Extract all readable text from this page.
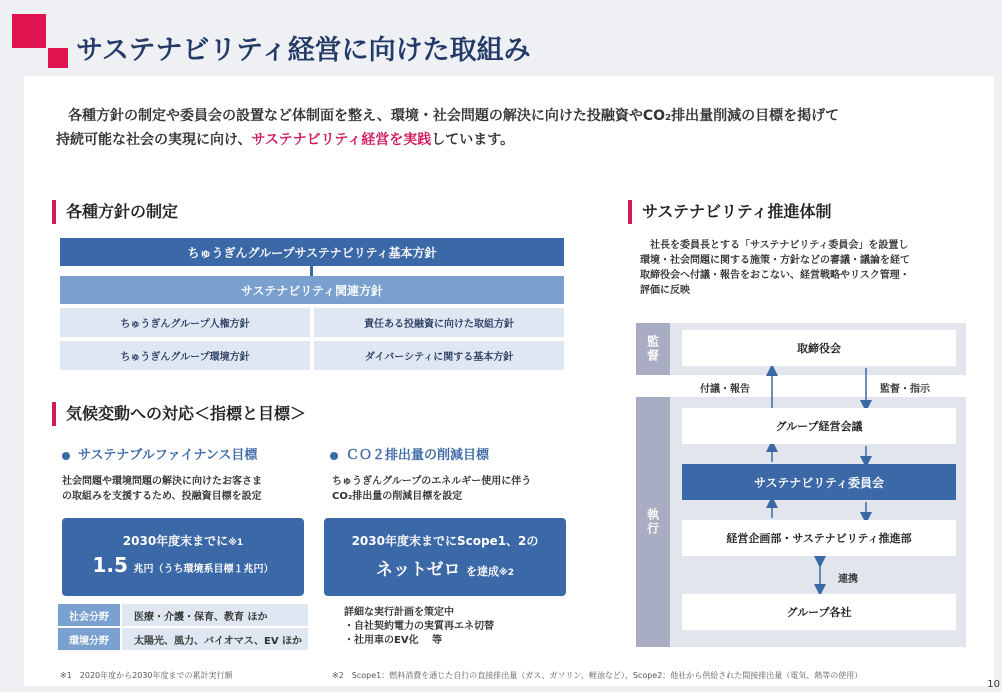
サステナビリティ経営に向けた取組み
各種方針の制定や委員会の設置など体制面を整え、環境・社会問題の解決に向けた投融資やCO₂排出量削減の目標を掲げて
持続可能な社会の実現に向け、サステナビリティ経営を実践しています。
各種方針の制定
ちゅうぎんグループサステナビリティ基本方針
サステナビリティ関連方針
ちゅうぎんグループ人権方針	責任ある投融資に向けた取組方針
ちゅうぎんグループ環境方針	ダイバーシティに関する基本方針
気候変動への対応＜指標と目標＞
サステナブルファイナンス目標
社会問題や環境問題の解決に向けたお客さま
の取組みを支援するため、投融資目標を設定
2030年度末までに※1
1.5 兆円（うち環境系目標１兆円）
社会分野	医療・介護・保育、教育 ほか
環境分野	太陽光、風力、バイオマス、EV ほか
ＣＯ２排出量の削減目標
ちゅうぎんグループのエネルギー使用に伴う
CO₂排出量の削減目標を設定
2030年度末までにScope1、2の
ネットゼロ を達成※2
詳細な実行計画を策定中
・自社契約電力の実質再エネ切替
・社用車のEV化　 等
サステナビリティ推進体制
社長を委員長とする「サステナビリティ委員会」を設置し
環境・社会問題に関する施策・方針などの審議・議論を経て
取締役会へ付議・報告をおこない、経営戦略やリスク管理・
評価に反映
監督
執行
取締役会
付議・報告	監督・指示
グループ経営会議
サステナビリティ委員会
経営企画部・サステナビリティ推進部
連携
グループ各社
※1　2020年度から2030年度までの累計実行額	※2　Scope1：燃料消費を通じた自行の直接排出量（ガス、ガソリン、軽油など）、Scope2：他社から供給された間接排出量（電気、熱等の使用）
10
